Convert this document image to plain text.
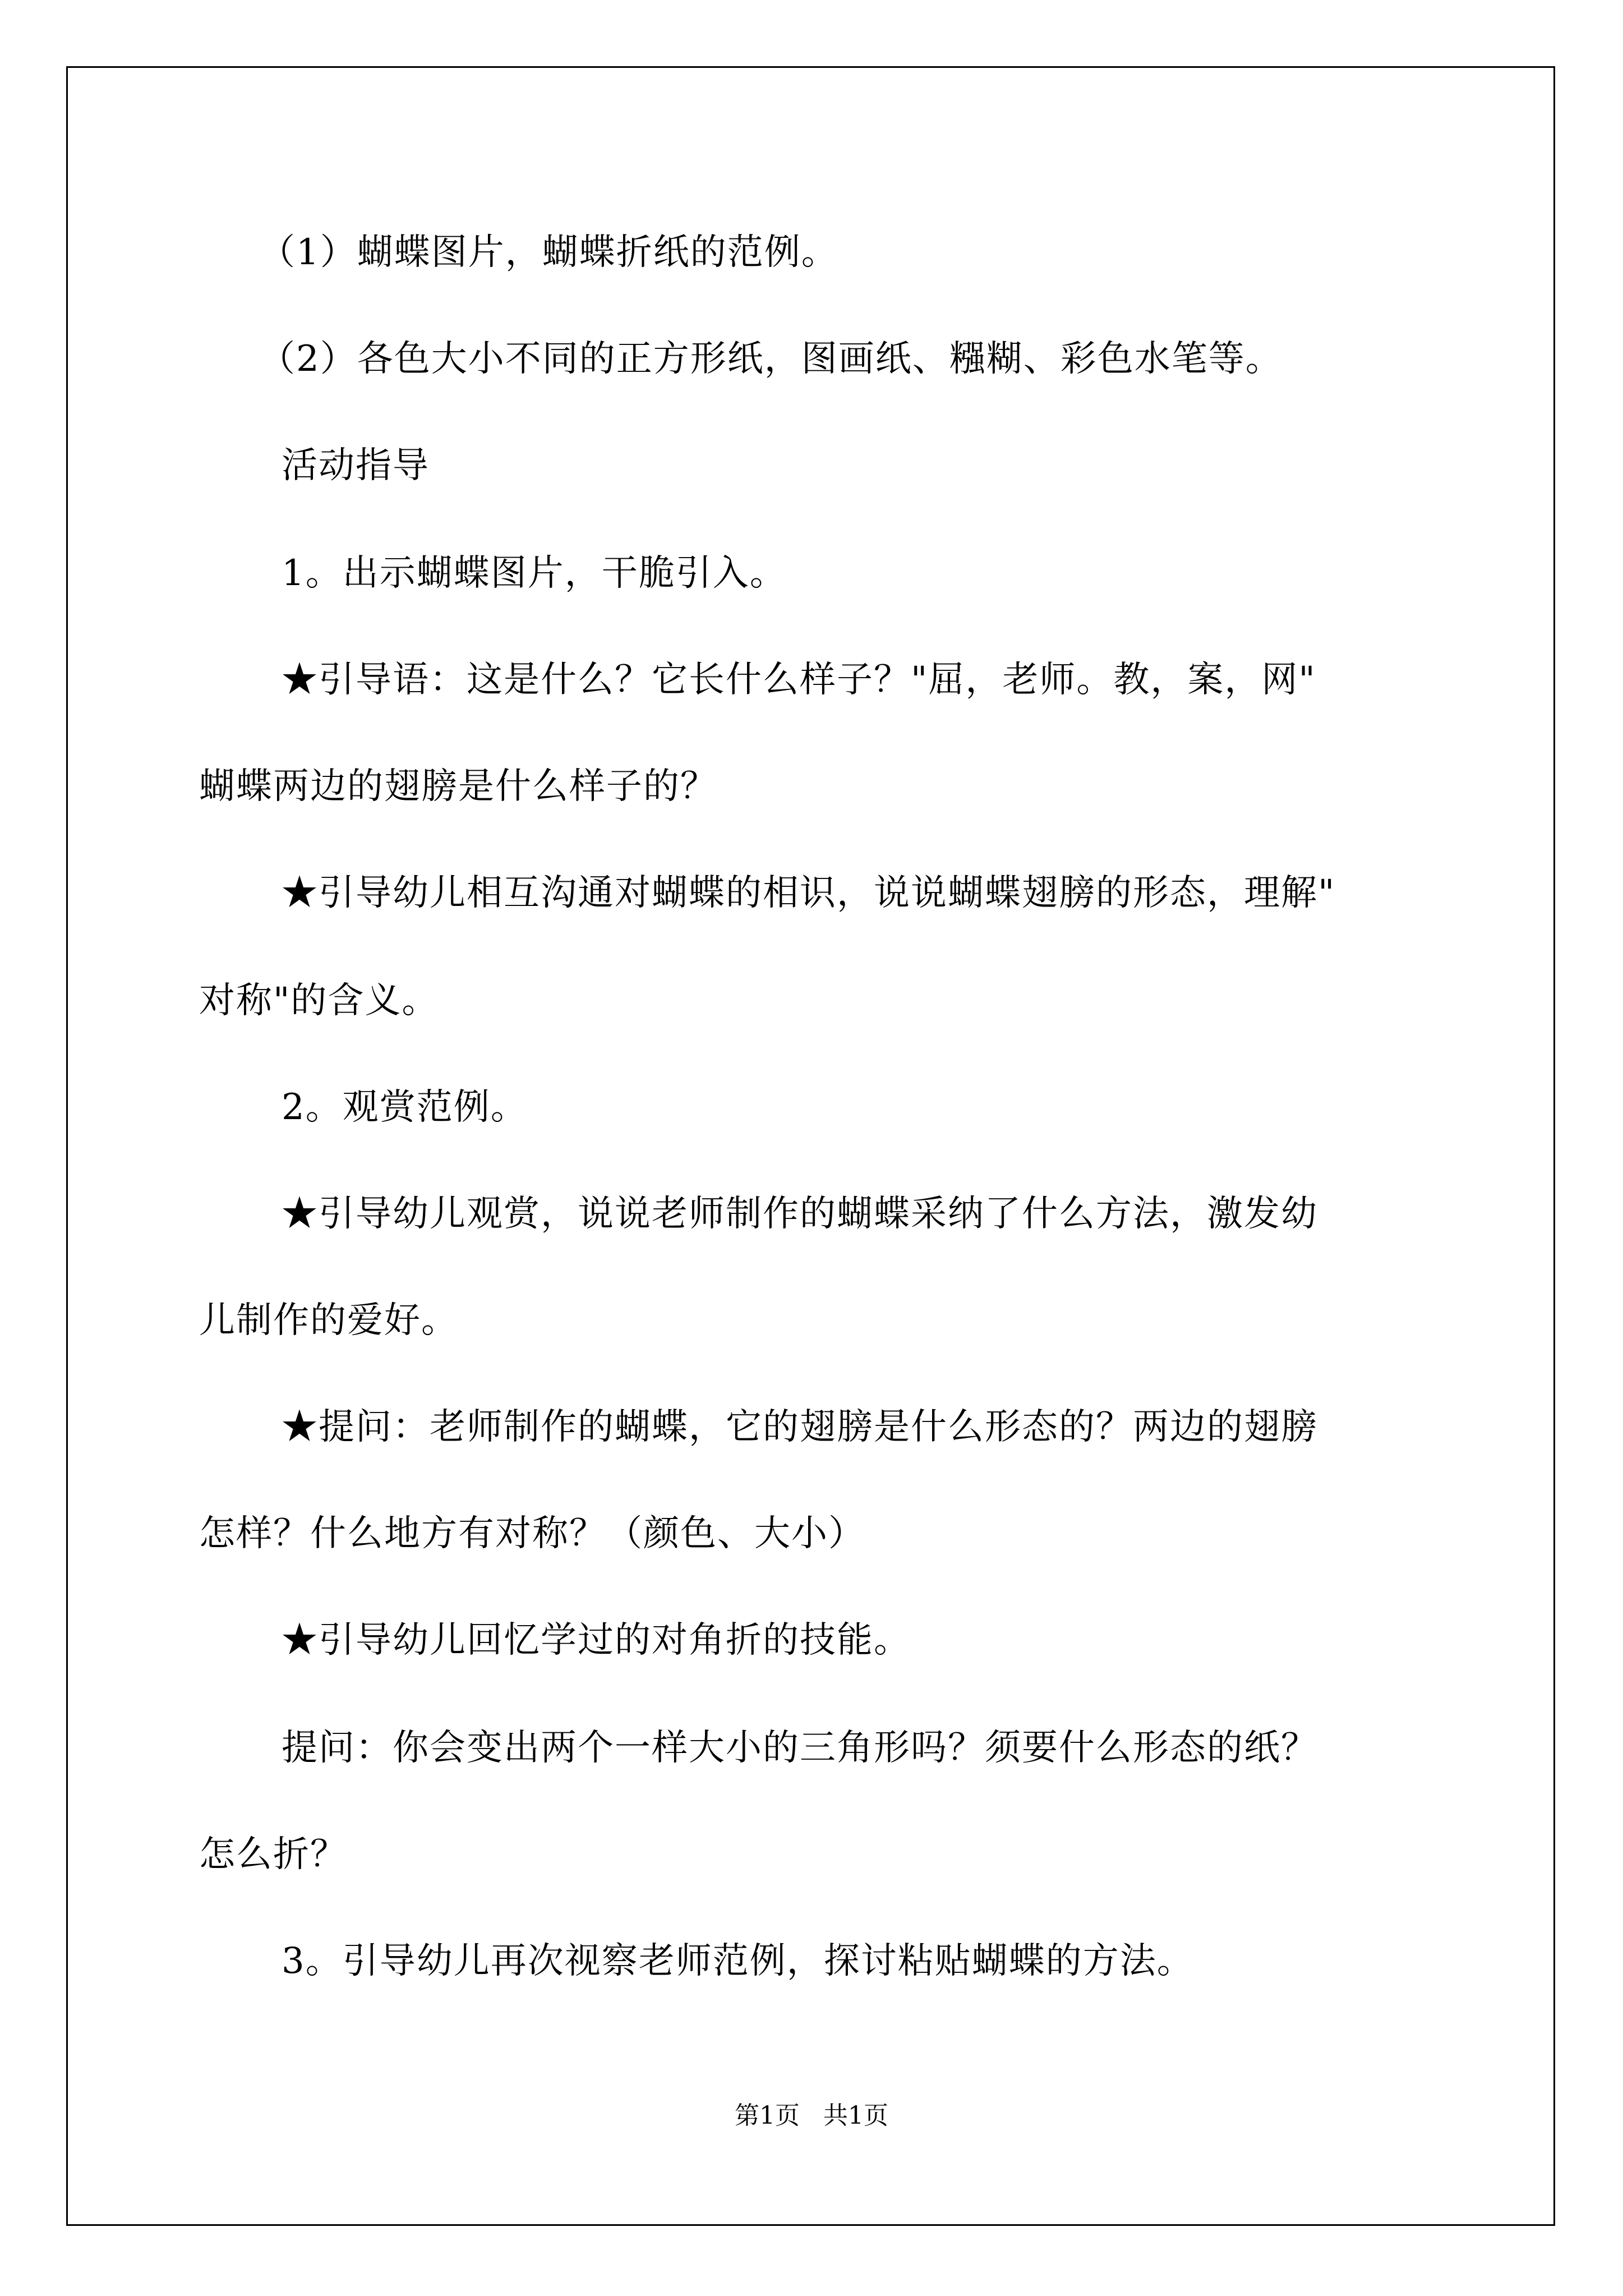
（1）蝴蝶图片，蝴蝶折纸的范例。
（2）各色大小不同的正方形纸，图画纸、糨糊、彩色水笔等。
活动指导
1。出示蝴蝶图片，干脆引入。
★引导语：这是什么？它长什么样子？"屈，老师。教，案，网"
蝴蝶两边的翅膀是什么样子的？
★引导幼儿相互沟通对蝴蝶的相识，说说蝴蝶翅膀的形态，理解"
对称"的含义。
2。观赏范例。
★引导幼儿观赏，说说老师制作的蝴蝶采纳了什么方法，激发幼
儿制作的爱好。
★提问：老师制作的蝴蝶，它的翅膀是什么形态的？两边的翅膀
怎样？什么地方有对称？（颜色、大小）
★引导幼儿回忆学过的对角折的技能。
提问：你会变出两个一样大小的三角形吗？须要什么形态的纸？
怎么折？
3。引导幼儿再次视察老师范例，探讨粘贴蝴蝶的方法。
第1页 共1页
